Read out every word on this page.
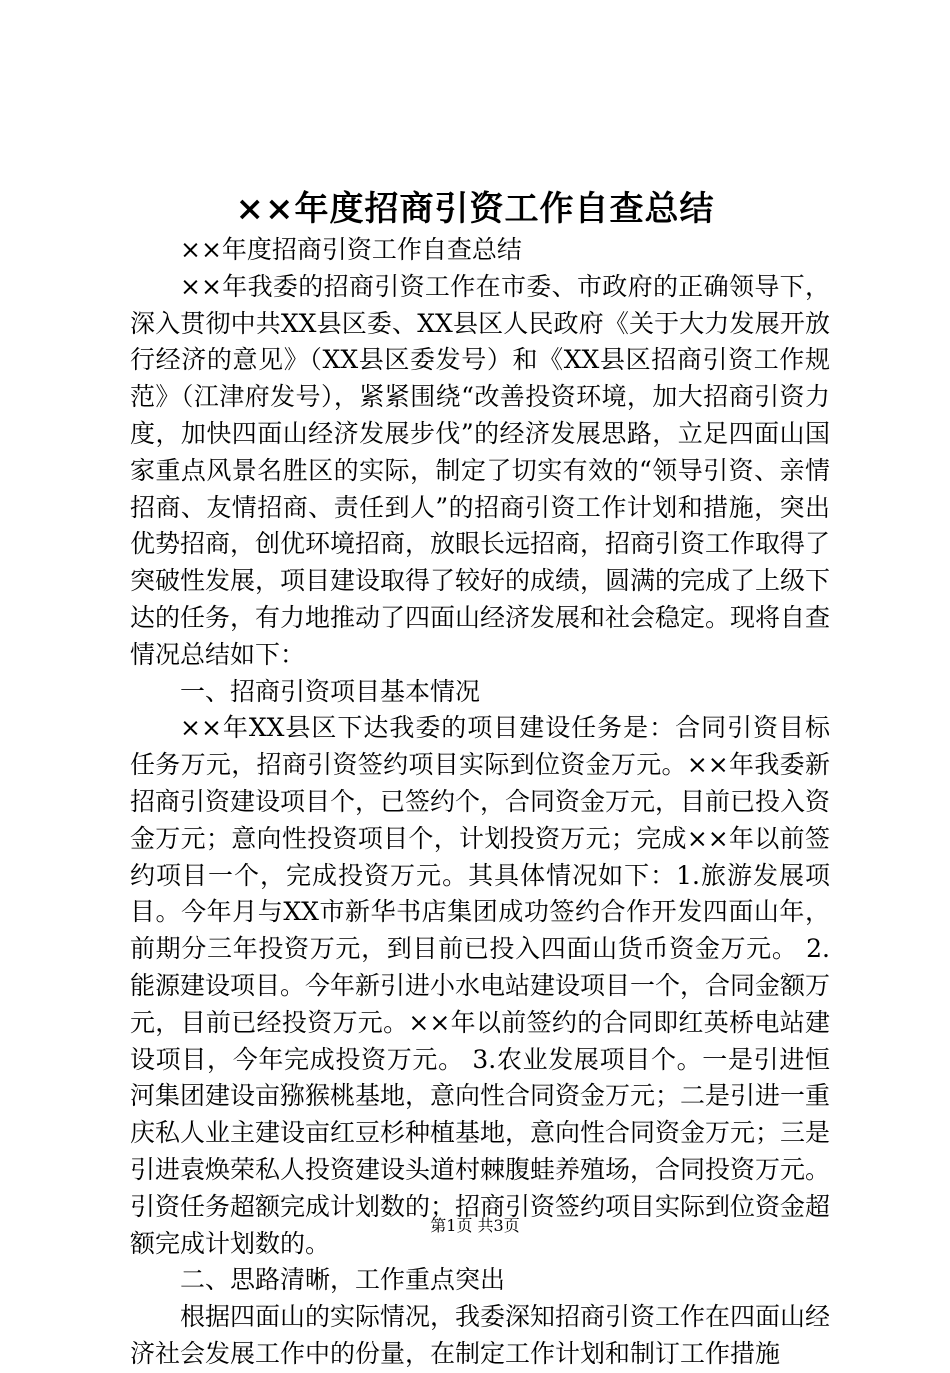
××年度招商引资工作自查总结

××年度招商引资工作自查总结

××年我委的招商引资工作在市委、市政府的正确领导下，深入贯彻中共XX县区委、XX县区人民政府《关于大力发展开放行经济的意见》（XX县区委发号）和《XX县区招商引资工作规范》（江津府发号），紧紧围绕“改善投资环境，加大招商引资力度，加快四面山经济发展步伐”的经济发展思路，立足四面山国家重点风景名胜区的实际，制定了切实有效的“领导引资、亲情招商、友情招商、责任到人”的招商引资工作计划和措施，突出优势招商，创优环境招商，放眼长远招商，招商引资工作取得了突破性发展，项目建设取得了较好的成绩，圆满的完成了上级下达的任务，有力地推动了四面山经济发展和社会稳定。现将自查情况总结如下：

一、招商引资项目基本情况

××年XX县区下达我委的项目建设任务是：合同引资目标任务万元，招商引资签约项目实际到位资金万元。××年我委新招商引资建设项目个，已签约个，合同资金万元，目前已投入资金万元；意向性投资项目个，计划投资万元；完成××年以前签约项目一个，完成投资万元。其具体情况如下：1.旅游发展项目。今年月与XX市新华书店集团成功签约合作开发四面山年，前期分三年投资万元，到目前已投入四面山货币资金万元。 2.能源建设项目。今年新引进小水电站建设项目一个，合同金额万元，目前已经投资万元。××年以前签约的合同即红英桥电站建设项目，今年完成投资万元。 3.农业发展项目个。一是引进恒河集团建设亩猕猴桃基地，意向性合同资金万元；二是引进一重庆私人业主建设亩红豆杉种植基地，意向性合同资金万元；三是引进袁焕荣私人投资建设头道村棘腹蛙养殖场，合同投资万元。引资任务超额完成计划数的；招商引资签约项目实际到位资金超额完成计划数的。

二、思路清晰，工作重点突出

根据四面山的实际情况，我委深知招商引资工作在四面山经济社会发展工作中的份量，在制定工作计划和制订工作措施

第1页 共3页
